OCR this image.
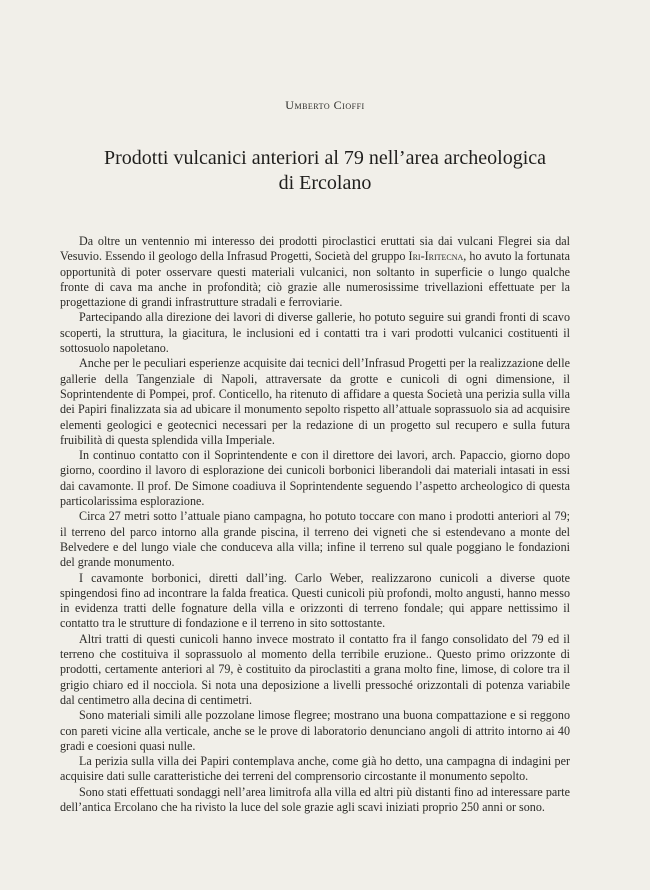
Umberto Cioffi
Prodotti vulcanici anteriori al 79 nell’area archeologica
di Ercolano

Da oltre un ventennio mi interesso dei prodotti piroclastici eruttati sia dai vulcani Flegrei sia dal Vesuvio. Essendo il geologo della Infrasud Progetti, Società del gruppo Iri-Iritecna, ho avuto la fortunata opportunità di poter osservare questi materiali vulcanici, non soltanto in superficie o lungo qualche fronte di cava ma anche in profondità; ciò grazie alle numerosissime trivellazioni effettuate per la progettazione di grandi infrastrutture stradali e ferroviarie.

Partecipando alla direzione dei lavori di diverse gallerie, ho potuto seguire sui grandi fronti di scavo scoperti, la struttura, la giacitura, le inclusioni ed i contatti tra i vari prodotti vulcanici costituenti il sottosuolo napoletano.

Anche per le peculiari esperienze acquisite dai tecnici dell’Infrasud Progetti per la realizzazione delle gallerie della Tangenziale di Napoli, attraversate da grotte e cunicoli di ogni dimensione, il Soprintendente di Pompei, prof. Conticello, ha ritenuto di affidare a questa Società una perizia sulla villa dei Papiri finalizzata sia ad ubicare il monumento sepolto rispetto all’attuale soprassuolo sia ad acquisire elementi geologici e geotecnici necessari per la redazione di un progetto sul recupero e sulla futura fruibilità di questa splendida villa Imperiale.

In continuo contatto con il Soprintendente e con il direttore dei lavori, arch. Papaccio, giorno dopo giorno, coordino il lavoro di esplorazione dei cunicoli borbonici liberandoli dai materiali intasati in essi dai cavamonte. Il prof. De Simone coadiuva il Soprintendente seguendo l’aspetto archeologico di questa particolarissima esplorazione.

Circa 27 metri sotto l’attuale piano campagna, ho potuto toccare con mano i prodotti anteriori al 79; il terreno del parco intorno alla grande piscina, il terreno dei vigneti che si estendevano a monte del Belvedere e del lungo viale che conduceva alla villa; infine il terreno sul quale poggiano le fondazioni del grande monumento.

I cavamonte borbonici, diretti dall’ing. Carlo Weber, realizzarono cunicoli a diverse quote spingendosi fino ad incontrare la falda freatica. Questi cunicoli più profondi, molto angusti, hanno messo in evidenza tratti delle fognature della villa e orizzonti di terreno fondale; qui appare nettissimo il contatto tra le strutture di fondazione e il terreno in sito sottostante.

Altri tratti di questi cunicoli hanno invece mostrato il contatto fra il fango consolidato del 79 ed il terreno che costituiva il soprassuolo al momento della terribile eruzione.. Questo primo orizzonte di prodotti, certamente anteriori al 79, è costituito da piroclastiti a grana molto fine, limose, di colore tra il grigio chiaro ed il nocciola. Si nota una deposizione a livelli pressoché orizzontali di potenza variabile dal centimetro alla decina di centimetri.

Sono materiali simili alle pozzolane limose flegree; mostrano una buona compattazione e si reggono con pareti vicine alla verticale, anche se le prove di laboratorio denunciano angoli di attrito intorno ai 40 gradi e coesioni quasi nulle.

La perizia sulla villa dei Papiri contemplava anche, come già ho detto, una campagna di indagini per acquisire dati sulle caratteristiche dei terreni del comprensorio circostante il monumento sepolto.

Sono stati effettuati sondaggi nell’area limitrofa alla villa ed altri più distanti fino ad interessare parte dell’antica Ercolano che ha rivisto la luce del sole grazie agli scavi iniziati proprio 250 anni or sono.
